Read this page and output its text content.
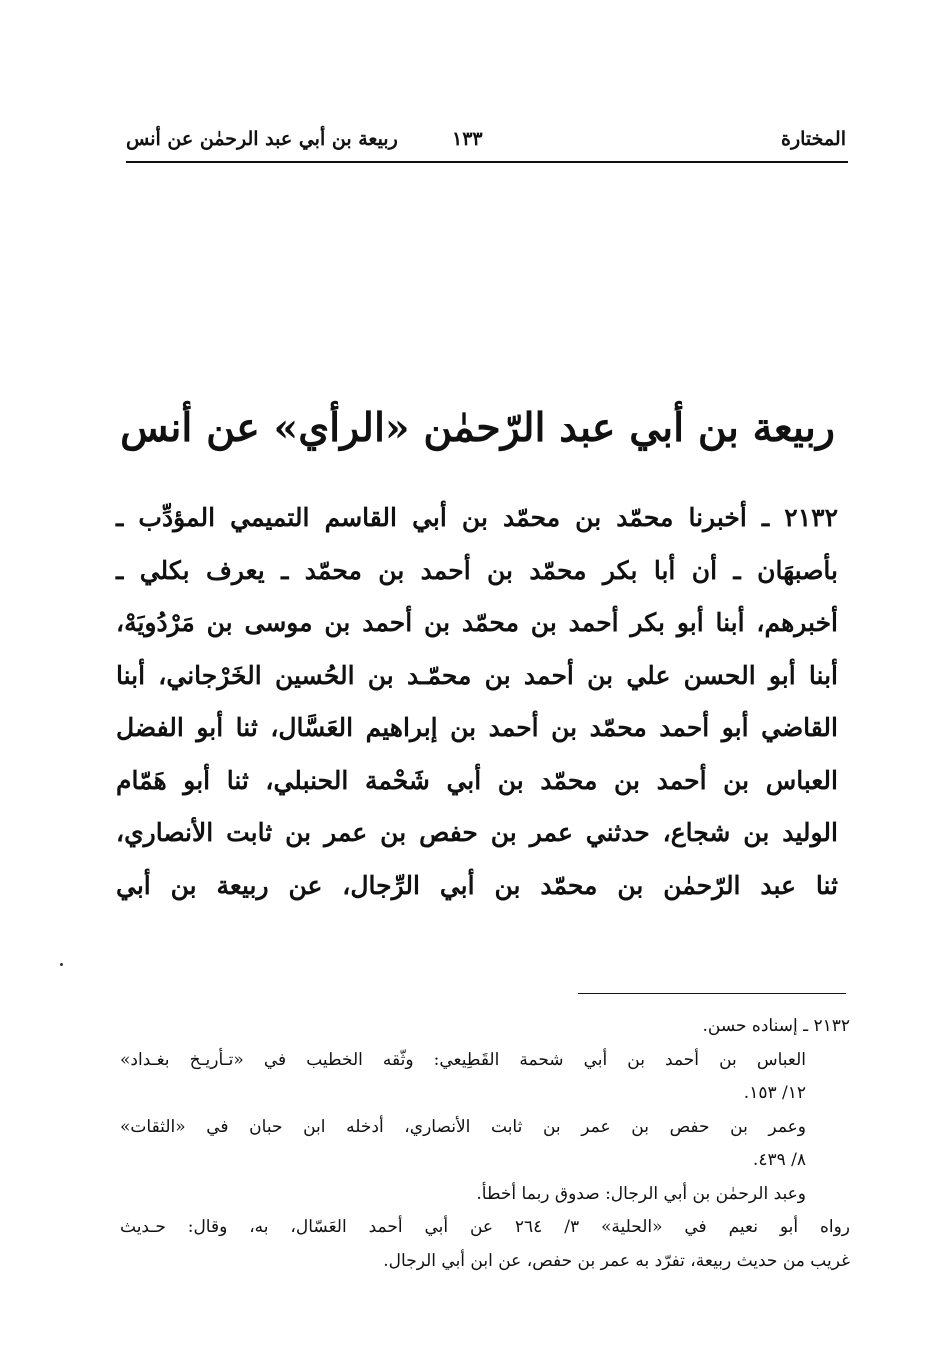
المختارة
١٣٣
ربيعة بن أبي عبد الرحمٰن عن أنس
ربيعة بن أبي عبد الرّحمٰن «الرأي» عن أنس
٢١٣٢ ـ أخبرنا محمّد بن محمّد بن أبي القاسم التميمي المؤدِّب ـ
بأصبهَان ـ أن أبا بكر محمّد بن أحمد بن محمّد ـ يعرف بكلي ـ
أخبرهم، أبنا أبو بكر أحمد بن محمّد بن أحمد بن موسى بن مَرْدُويَهْ،
أبنا أبو الحسن علي بن أحمد بن محمّـد بن الحُسين الخَرْجاني، أبنا
القاضي أبو أحمد محمّد بن أحمد بن إبراهيم العَسَّال، ثنا أبو الفضل
العباس بن أحمد بن محمّد بن أبي شَحْمة الحنبلي، ثنا أبو هَمّام
الوليد بن شجاع، حدثني عمر بن حفص بن عمر بن ثابت الأنصاري،
ثنا عبد الرّحمٰن بن محمّد بن أبي الرِّجال، عن ربيعة بن أبي
٢١٣٢ ـ إسناده حسن.
العباس بن أحمد بن أبي شحمة القَطِيعي: وثّقه الخطيب في «تـأريـخ بغـداد»
١٢/ ١٥٣.
وعمر بن حفص بن عمر بن ثابت الأنصاري، أدخله ابن حبان في «الثقات»
٨/ ٤٣٩.
وعبد الرحمٰن بن أبي الرجال: صدوق ربما أخطأ.
رواه أبو نعيم في «الحلية» ٣/ ٢٦٤ عن أبي أحمد العَسّال، به، وقال: حـديث
غريب من حديث ربيعة، تفرّد به عمر بن حفص، عن ابن أبي الرجال.
